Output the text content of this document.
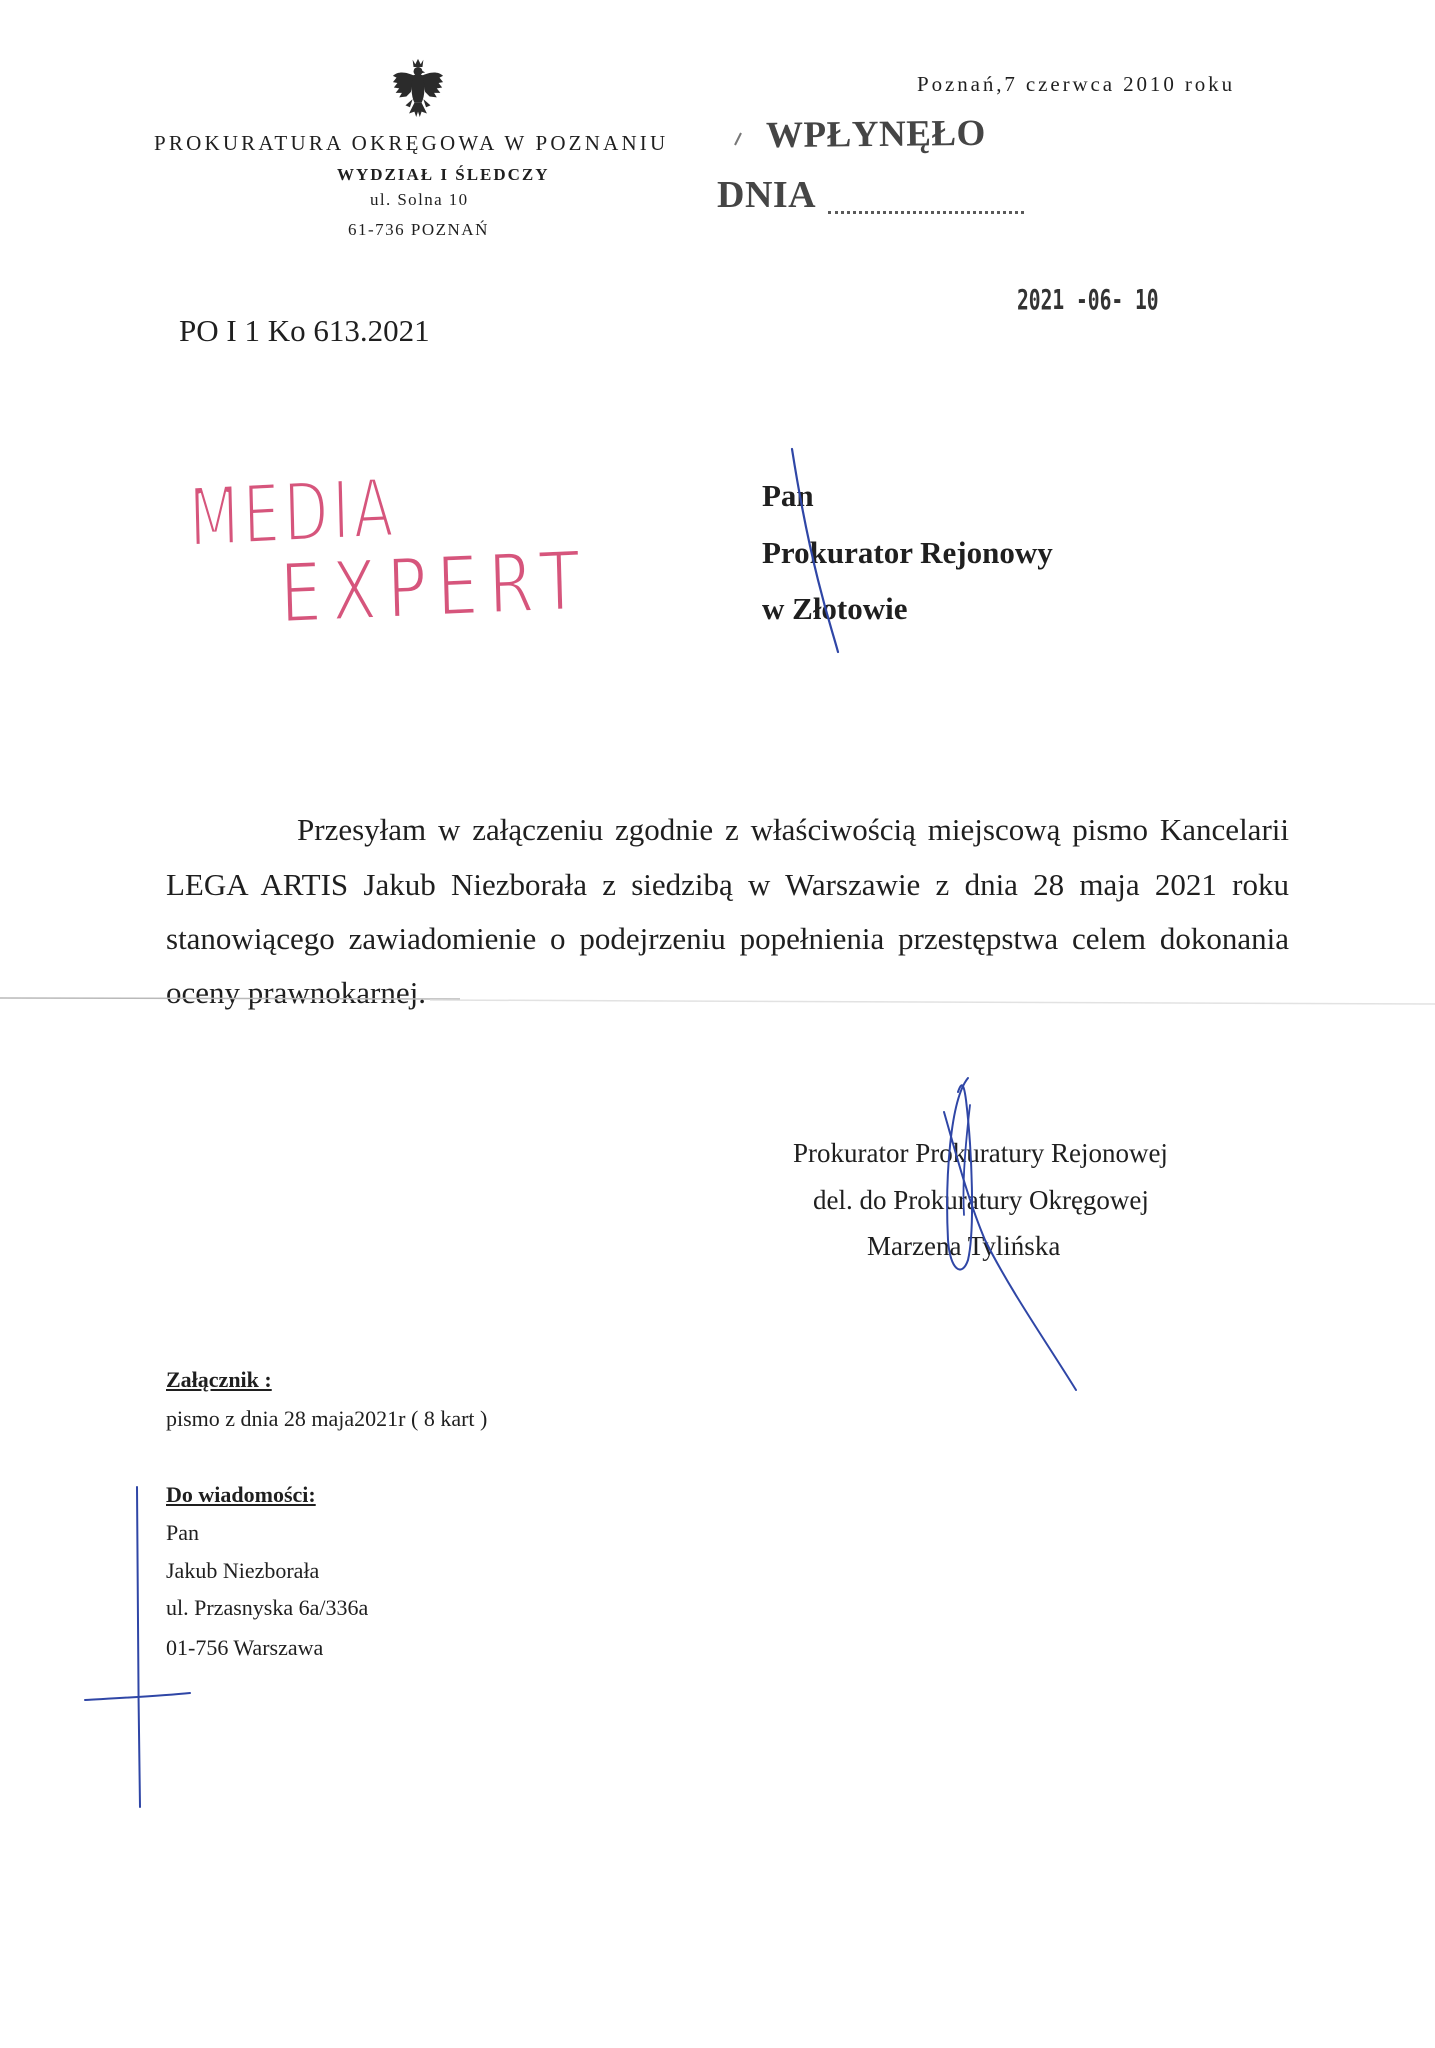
Poznań,7 czerwca 2010 roku

PROKURATURA OKRĘGOWA W POZNANIU

WYDZIAŁ I ŚLEDCZY

ul. Solna 10

61-736 POZNAŃ

WPŁYNĘŁO

DNIA

2021 -06- 10

PO I 1 Ko 613.2021

MEDIA

EXPERT

Pan

Prokurator Rejonowy

w Złotowie

Przesyłam w załączeniu zgodnie z właściwością miejscową pismo Kancelarii

LEGA ARTIS Jakub Niezborała z siedzibą w Warszawie z dnia 28 maja 2021 roku

stanowiącego zawiadomienie o podejrzeniu popełnienia przestępstwa celem dokonania

oceny prawnokarnej.

Prokurator Prokuratury Rejonowej

del. do Prokuratury Okręgowej

Marzena Tylińska

Załącznik :

pismo z dnia 28 maja2021r ( 8 kart )

Do wiadomości:

Pan

Jakub Niezborała

ul. Przasnyska 6a/336a

01-756 Warszawa
